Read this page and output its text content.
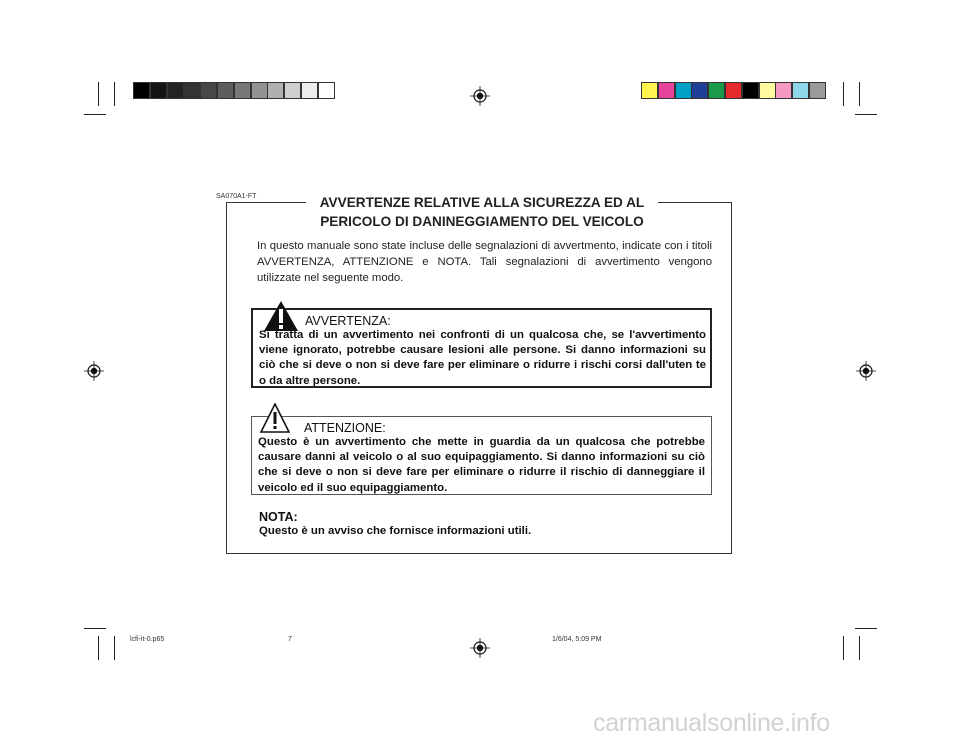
SA070A1-FT	AVVERTENZE RELATIVE ALLA SICUREZZA ED AL
PERICOLO DI DANINEGGIAMENTO DEL VEICOLO
In questo manuale sono state incluse delle segnalazioni di avvertmento, indicate con i titoli AVVERTENZA, ATTENZIONE e NOTA. Tali segnalazioni di avvertimento vengono utilizzate nel seguente modo.
AVVERTENZA:
Si tratta di un avvertimento nei confronti di un qualcosa che, se l'avvertimento viene ignorato, potrebbe causare lesioni alle persone. Si danno informazioni su ciò che si deve o non si deve fare per eliminare o ridurre i rischi corsi dall'uten te o da altre persone.
ATTENZIONE:
Questo è un avvertimento che mette in guardia da un qualcosa che potrebbe causare danni al veicolo o al suo equipaggiamento. Si danno informazioni su ciò che si deve o non si deve fare per eliminare o ridurre il rischio di danneggiare il veicolo ed il suo equipaggiamento.
NOTA:
Questo è un avviso che fornisce informazioni utili.
lcfi-it-0.p65	7	1/6/04, 5:09 PM
carmanualsonline.info
